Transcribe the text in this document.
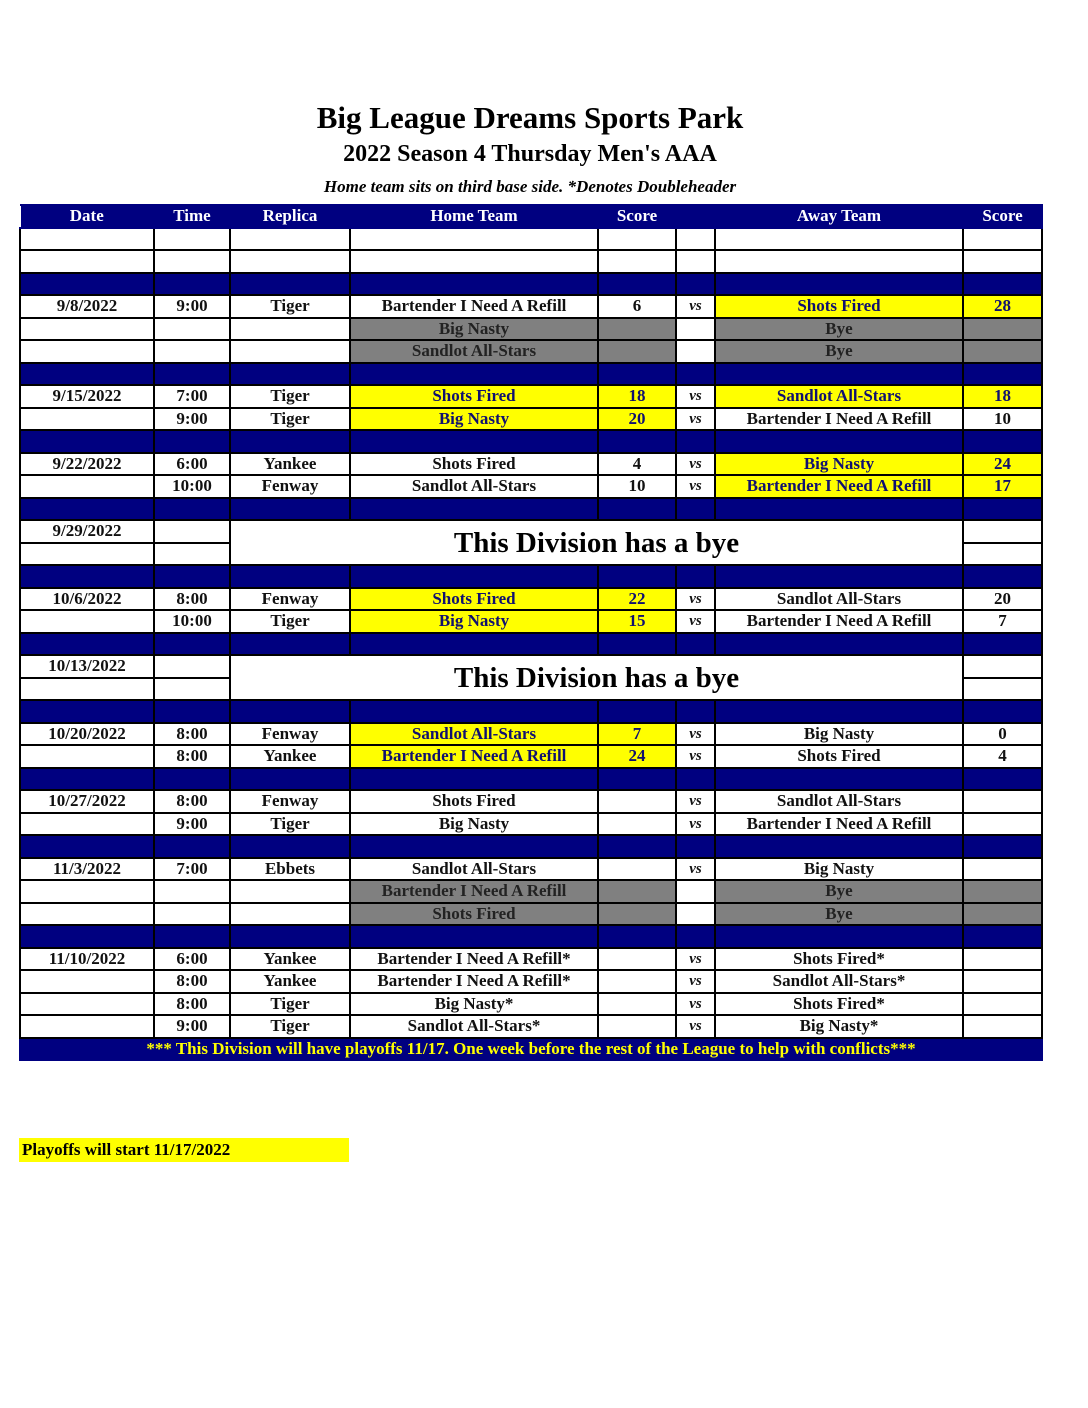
Big League Dreams Sports Park
2022 Season 4 Thursday Men's AAA
Home team sits on third base side. *Denotes Doubleheader
Date	Time	Replica	Home Team	Score		Away Team	Score

9/8/2022	9:00	Tiger	Bartender I Need A Refill	6	vs	Shots Fired	28
			Big Nasty			Bye	
			Sandlot All-Stars			Bye	

9/15/2022	7:00	Tiger	Shots Fired	18	vs	Sandlot All-Stars	18
	9:00	Tiger	Big Nasty	20	vs	Bartender I Need A Refill	10

9/22/2022	6:00	Yankee	Shots Fired	4	vs	Big Nasty	24
	10:00	Fenway	Sandlot All-Stars	10	vs	Bartender I Need A Refill	17

9/29/2022		This Division has a bye					

10/6/2022	8:00	Fenway	Shots Fired	22	vs	Sandlot All-Stars	20
	10:00	Tiger	Big Nasty	15	vs	Bartender I Need A Refill	7

10/13/2022		This Division has a bye					

10/20/2022	8:00	Fenway	Sandlot All-Stars	7	vs	Big Nasty	0
	8:00	Yankee	Bartender I Need A Refill	24	vs	Shots Fired	4

10/27/2022	8:00	Fenway	Shots Fired		vs	Sandlot All-Stars	
	9:00	Tiger	Big Nasty		vs	Bartender I Need A Refill	

11/3/2022	7:00	Ebbets	Sandlot All-Stars		vs	Big Nasty	
			Bartender I Need A Refill			Bye	
			Shots Fired			Bye	

11/10/2022	6:00	Yankee	Bartender I Need A Refill*		vs	Shots Fired*	
	8:00	Yankee	Bartender I Need A Refill*		vs	Sandlot All-Stars*	
	8:00	Tiger	Big Nasty*		vs	Shots Fired*	
	9:00	Tiger	Sandlot All-Stars*		vs	Big Nasty*	
*** This Division will have playoffs 11/17. One week before the rest of the League to help with conflicts***							
Playoffs will start 11/17/2022
